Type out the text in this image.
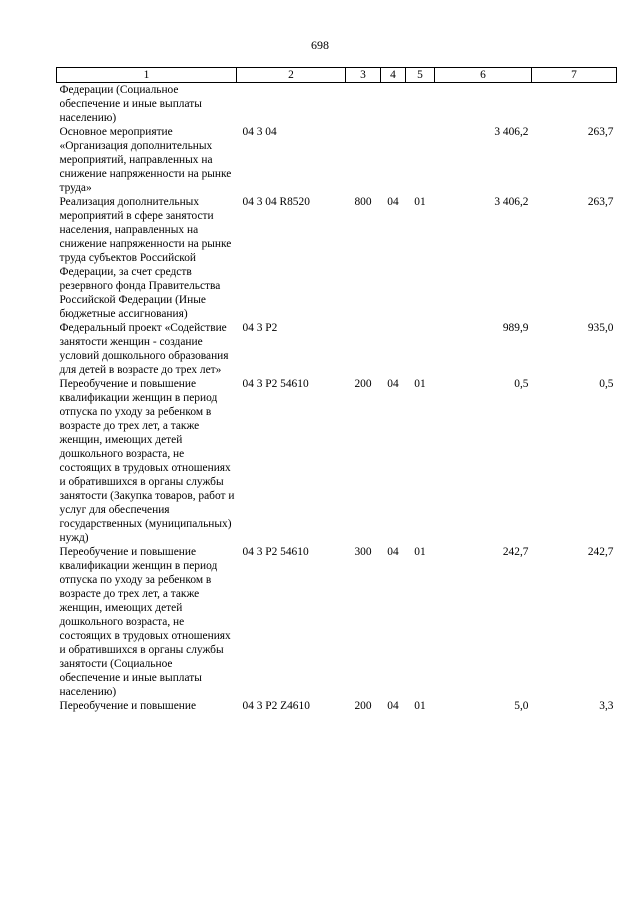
698
1	2	3	4	5	6	7
Федерации (Социальное обеспечение и иные выплаты населению)						
Основное мероприятие «Организация дополнительных мероприятий, направленных на снижение напряженности на рынке труда»	04 3 04				3 406,2	263,7
Реализация дополнительных мероприятий в сфере занятости населения, направленных на снижение напряженности на рынке труда субъектов Российской Федерации, за счет средств резервного фонда Правительства Российской Федерации (Иные бюджетные ассигнования)	04 3 04 R8520	800	04	01	3 406,2	263,7
Федеральный проект «Содействие занятости женщин - создание условий дошкольного образования для детей в возрасте до трех лет»	04 3 P2				989,9	935,0
Переобучение и повышение квалификации женщин в период отпуска по уходу за ребенком в возрасте до трех лет, а также женщин, имеющих детей дошкольного возраста, не состоящих в трудовых отношениях и обратившихся в органы службы занятости (Закупка товаров, работ и услуг для обеспечения государственных (муниципальных) нужд)	04 3 P2 54610	200	04	01	0,5	0,5
Переобучение и повышение квалификации женщин в период отпуска по уходу за ребенком в возрасте до трех лет, а также женщин, имеющих детей дошкольного возраста, не состоящих в трудовых отношениях и обратившихся в органы службы занятости (Социальное обеспечение и иные выплаты населению)	04 3 P2 54610	300	04	01	242,7	242,7
Переобучение и повышение	04 3 P2 Z4610	200	04	01	5,0	3,3
